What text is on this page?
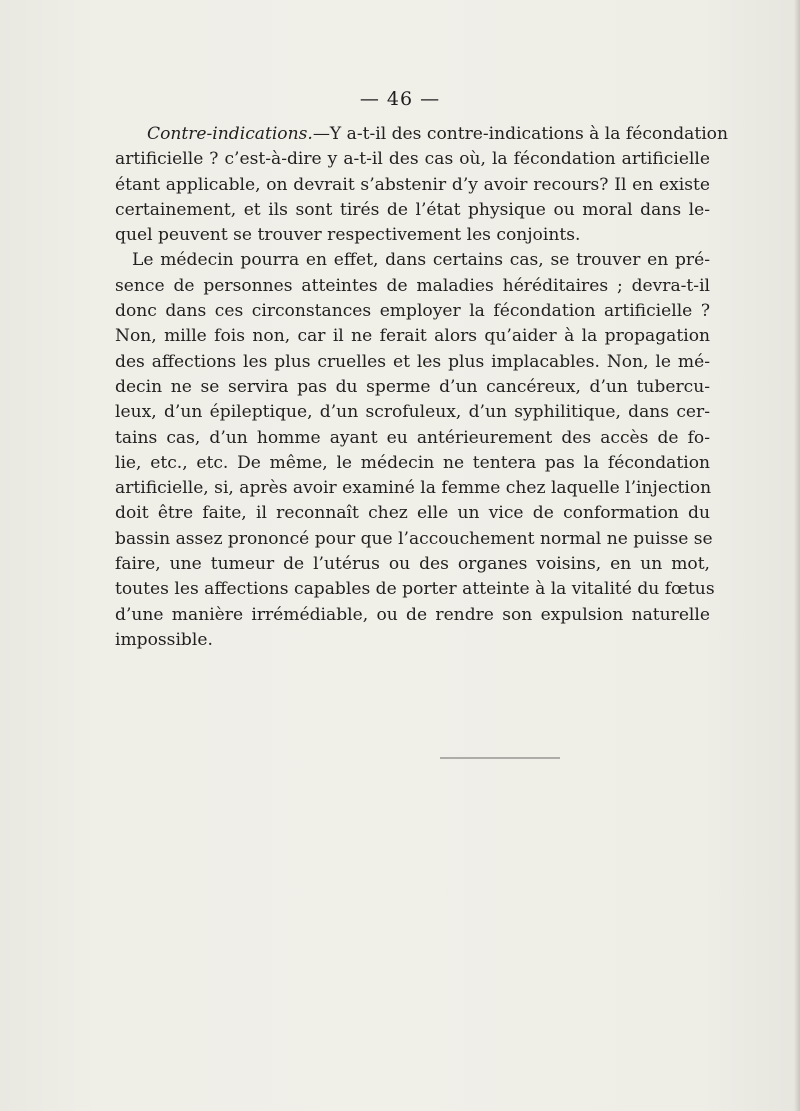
— 46 —
Contre-indications.—Y a-t-il des contre-indications à la fécondation
artificielle ? c’est-à-dire y a-t-il des cas où, la fécondation artificielle
étant applicable, on devrait s’abstenir d’y avoir recours? Il en existe
certainement, et ils sont tirés de l’état physique ou moral dans le-
quel peuvent se trouver respectivement les conjoints.
Le médecin pourra en effet, dans certains cas, se trouver en pré-
sence de personnes atteintes de maladies héréditaires ; devra-t-il
donc dans ces circonstances employer la fécondation artificielle ?
Non, mille fois non, car il ne ferait alors qu’aider à la propagation
des affections les plus cruelles et les plus implacables. Non, le mé-
decin ne se servira pas du sperme d’un cancéreux, d’un tubercu-
leux, d’un épileptique, d’un scrofuleux, d’un syphilitique, dans cer-
tains cas, d’un homme ayant eu antérieurement des accès de fo-
lie, etc., etc. De même, le médecin ne tentera pas la fécondation
artificielle, si, après avoir examiné la femme chez laquelle l’injection
doit être faite, il reconnaît chez elle un vice de conformation du
bassin assez prononcé pour que l’accouchement normal ne puisse se
faire, une tumeur de l’utérus ou des organes voisins, en un mot,
toutes les affections capables de porter atteinte à la vitalité du fœtus
d’une manière irrémédiable, ou de rendre son expulsion naturelle
impossible.
